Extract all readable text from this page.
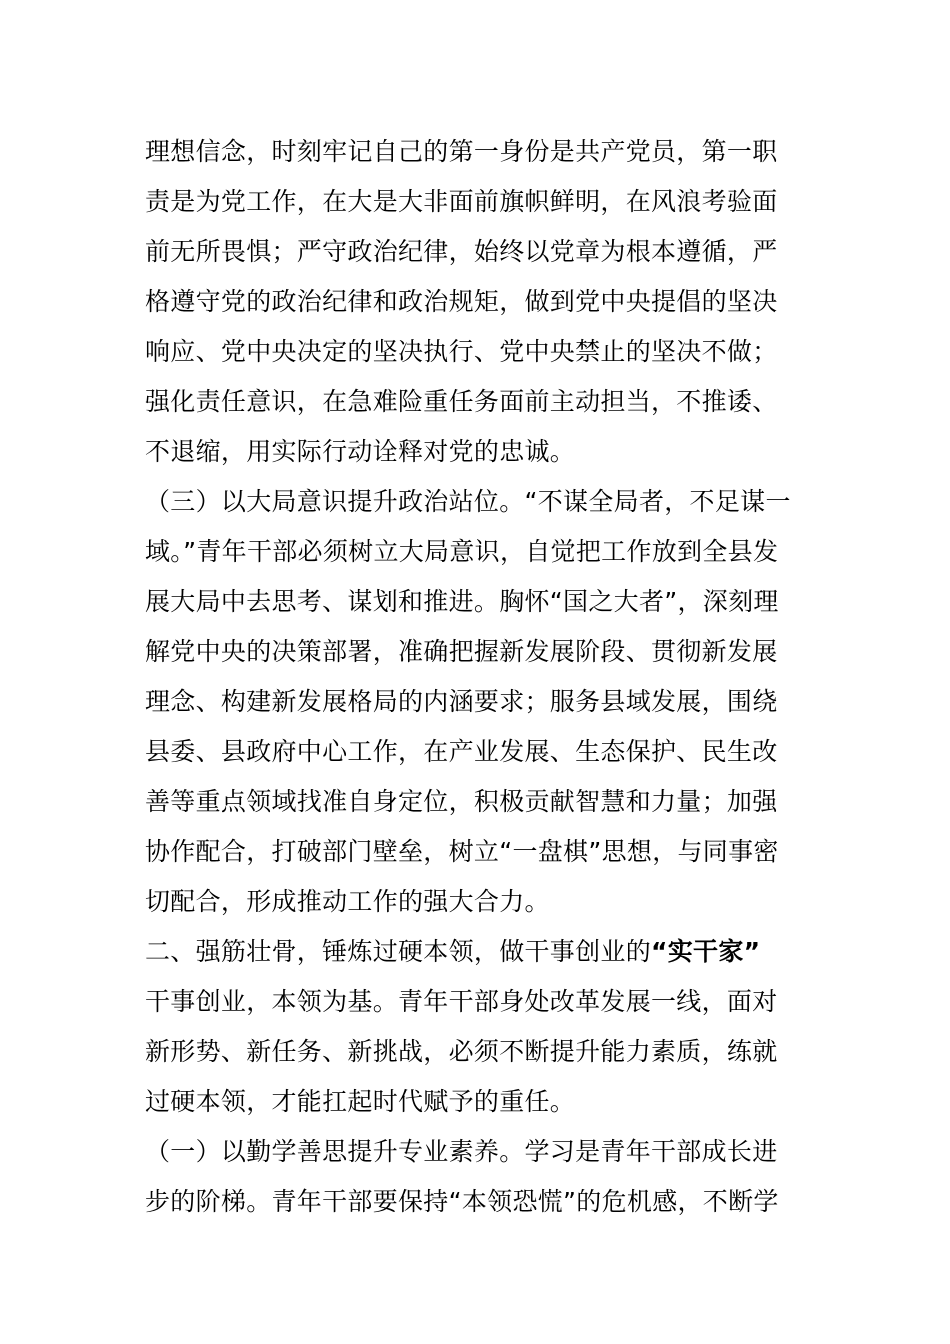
理想信念，时刻牢记自己的第一身份是共产党员，第一职
责是为党工作，在大是大非面前旗帜鲜明，在风浪考验面
前无所畏惧；严守政治纪律，始终以党章为根本遵循，严
格遵守党的政治纪律和政治规矩，做到党中央提倡的坚决
响应、党中央决定的坚决执行、党中央禁止的坚决不做；
强化责任意识，在急难险重任务面前主动担当，不推诿、
不退缩，用实际行动诠释对党的忠诚。
（三）以大局意识提升政治站位。“不谋全局者，不足谋一
域。”青年干部必须树立大局意识，自觉把工作放到全县发
展大局中去思考、谋划和推进。胸怀“国之大者”，深刻理
解党中央的决策部署，准确把握新发展阶段、贯彻新发展
理念、构建新发展格局的内涵要求；服务县域发展，围绕
县委、县政府中心工作，在产业发展、生态保护、民生改
善等重点领域找准自身定位，积极贡献智慧和力量；加强
协作配合，打破部门壁垒，树立“一盘棋”思想，与同事密
切配合，形成推动工作的强大合力。
二、强筋壮骨，锤炼过硬本领，做干事创业的“实干家”
干事创业，本领为基。青年干部身处改革发展一线，面对
新形势、新任务、新挑战，必须不断提升能力素质，练就
过硬本领，才能扛起时代赋予的重任。
（一）以勤学善思提升专业素养。学习是青年干部成长进
步的阶梯。青年干部要保持“本领恐慌”的危机感，不断学
